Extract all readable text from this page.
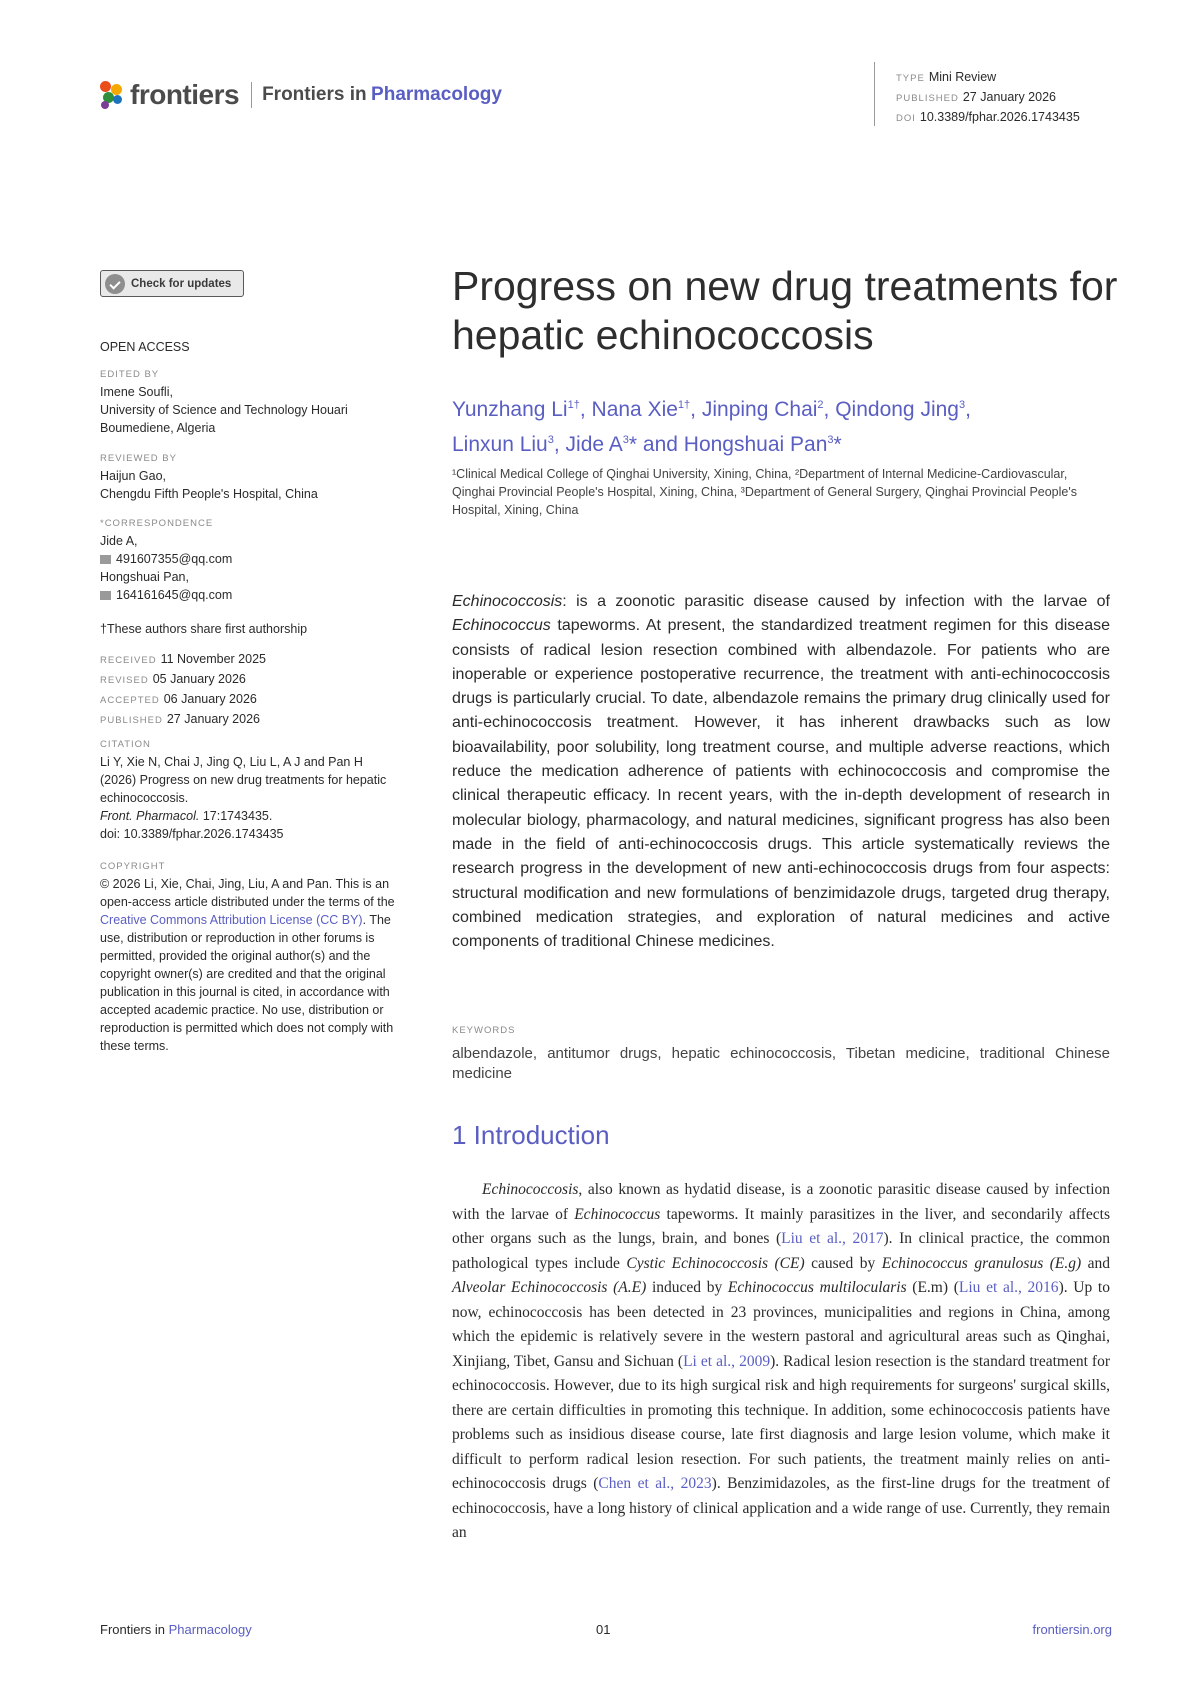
frontiers Frontiers in
Pharmacology
TYPE Mini Review
PUBLISHED 27 January 2026
DOI 10.3389/fphar.2026.1743435
Check for updates
OPEN ACCESS
EDITED BY
Imene Soufli,
University of Science and Technology Houari
Boumediene, Algeria
REVIEWED BY
Haijun Gao,
Chengdu Fifth People's Hospital, China
*CORRESPONDENCE
Jide A,
491607355@qq.com
Hongshuai Pan,
164161645@qq.com
†These authors share first authorship
RECEIVED 11 November 2025
REVISED 05 January 2026
ACCEPTED 06 January 2026
PUBLISHED 27 January 2026
CITATION
Li Y, Xie N, Chai J, Jing Q, Liu L, A J and Pan H (2026) Progress on new drug treatments for hepatic echinococcosis.
Front. Pharmacol. 17:1743435.
doi: 10.3389/fphar.2026.1743435
COPYRIGHT
© 2026 Li, Xie, Chai, Jing, Liu, A and Pan. This is an open-access article distributed under the terms of the Creative Commons Attribution License (CC BY). The use, distribution or reproduction in other forums is permitted, provided the original author(s) and the copyright owner(s) are credited and that the original publication in this journal is cited, in accordance with accepted academic practice. No use, distribution or reproduction is permitted which does not comply with these terms.
Progress on new drug treatments for hepatic echinococcosis
Yunzhang $Li^{1\dagger}$, Nana Xie$^{1\dagger}$, Jinping Chai$^2$, Qindong Jing$^3$,
Linxun Liu$^3$, Jide $A^3*$ and Hongshuai Pan$^3$*
¹Clinical Medical College of Qinghai University, Xining, China, ²Department of Internal Medicine-Cardiovascular, Qinghai Provincial People's Hospital, Xining, China, ³Department of General Surgery, Qinghai Provincial People's Hospital, Xining, China

Echinococcosis: is a zoonotic parasitic disease caused by infection with the larvae of Echinococcus tapeworms. At present, the standardized treatment regimen for this disease consists of radical lesion resection combined with albendazole. For patients who are inoperable or experience postoperative recurrence, the treatment with anti-echinococcosis drugs is particularly crucial. To date, albendazole remains the primary drug clinically used for anti-echinococcosis treatment. However, it has inherent drawbacks such as low bioavailability, poor solubility, long treatment course, and multiple adverse reactions, which reduce the medication adherence of patients with echinococcosis and compromise the clinical therapeutic efficacy. In recent years, with the in-depth development of research in molecular biology, pharmacology, and natural medicines, significant progress has also been made in the field of anti-echinococcosis drugs. This article systematically reviews the research progress in the development of new anti-echinococcosis drugs from four aspects: structural modification and new formulations of benzimidazole drugs, targeted drug therapy, combined medication strategies, and exploration of natural medicines and active components of traditional Chinese medicines.

KEYWORDS
albendazole, antitumor drugs, hepatic echinococcosis, Tibetan medicine, traditional Chinese medicine
1 Introduction

Echinococcosis, also known as hydatid disease, is a zoonotic parasitic disease caused by infection with the larvae of Echinococcus tapeworms. It mainly parasitizes in the liver, and secondarily affects other organs such as the lungs, brain, and bones (Liu et al., 2017). In clinical practice, the common pathological types include Cystic Echinococcosis (CE) caused by Echinococcus granulosus (E.g) and Alveolar Echinococcosis (A.E) induced by Echinococcus multilocularis (E.m) (Liu et al., 2016). Up to now, echinococcosis has been detected in 23 provinces, municipalities and regions in China, among which the epidemic is relatively severe in the western pastoral and agricultural areas such as Qinghai, Xinjiang, Tibet, Gansu and Sichuan (Li et al., 2009). Radical lesion resection is the standard treatment for echinococcosis. However, due to its high surgical risk and high requirements for surgeons' surgical skills, there are certain difficulties in promoting this technique. In addition, some echinococcosis patients have problems such as insidious disease course, late first diagnosis and large lesion volume, which make it difficult to perform radical lesion resection. For such patients, the treatment mainly relies on anti-echinococcosis drugs (Chen et al., 2023). Benzimidazoles, as the first-line drugs for the treatment of echinococcosis, have a long history of clinical application and a wide range of use. Currently, they remain an

Frontiers in Pharmacology	01	frontiersin.org
